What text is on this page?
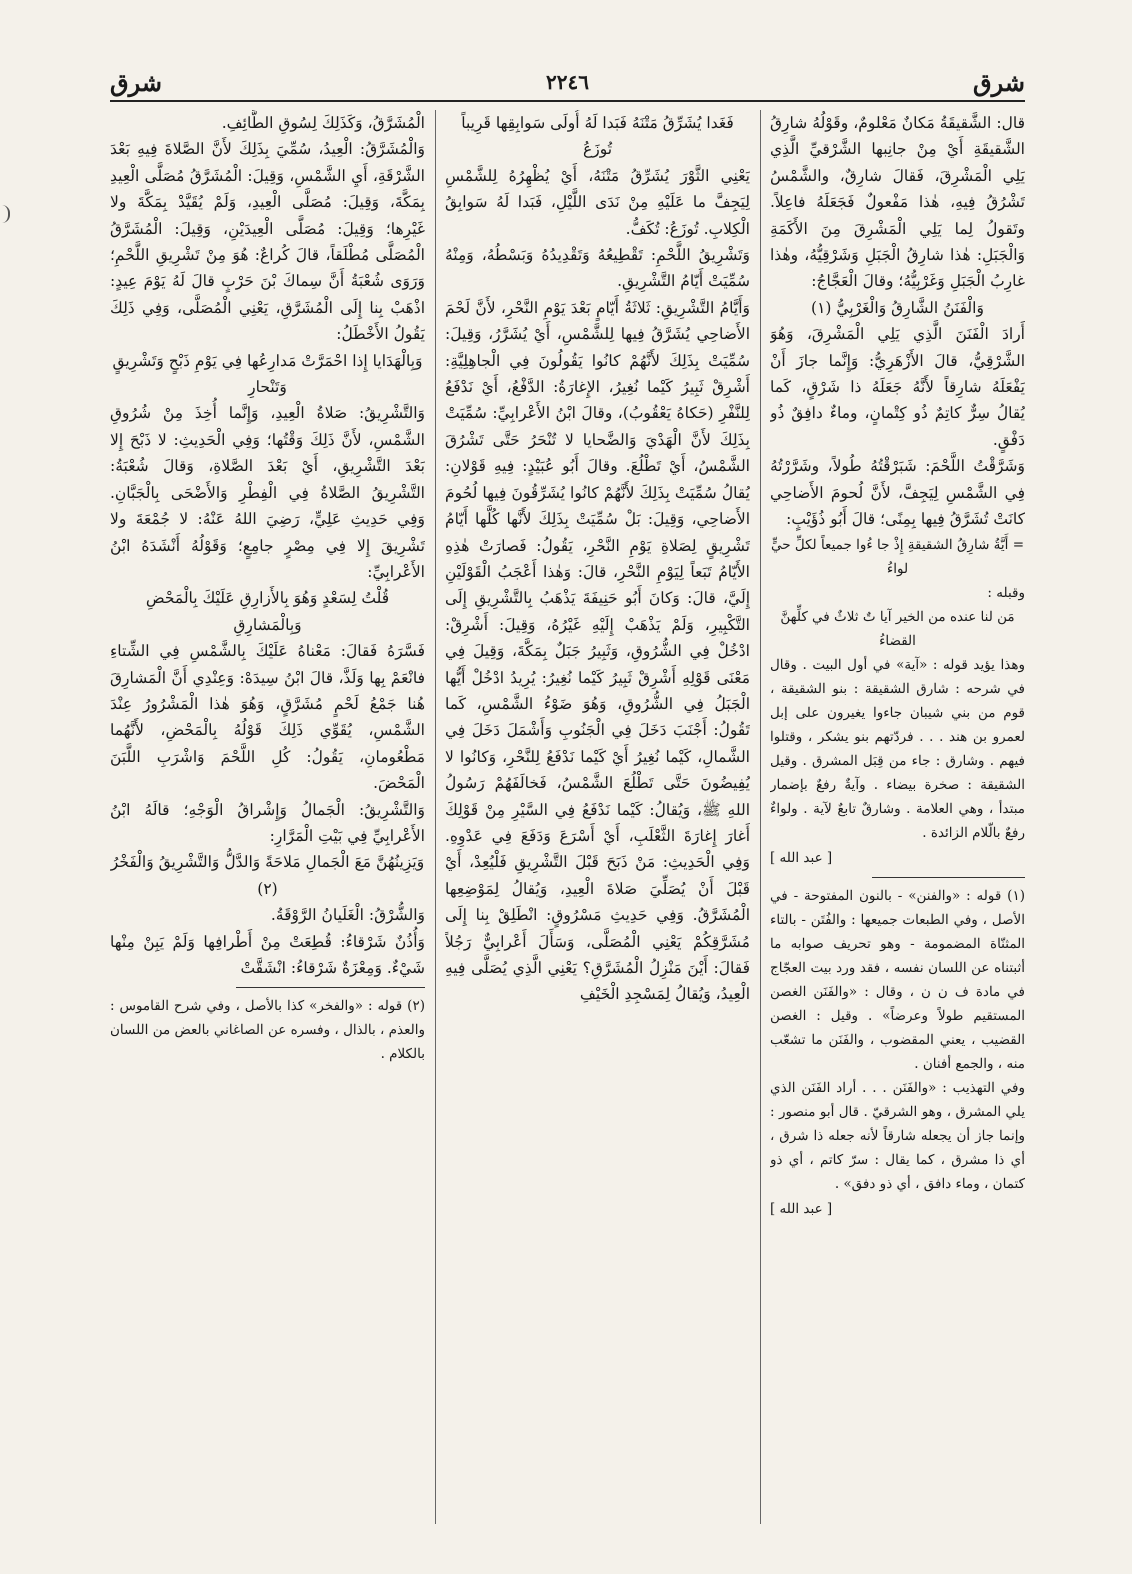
شرق
٢٢٤٦
شرق

قال: الشَّقيقَةُ مَكانٌ مَعْلومٌ، وقَوْلُهُ شارِقُ الشَّقيقَةِ أَيْ مِنْ جانِبها الشَّرْقيِّ الَّذِي يَلِي الْمَشْرِقَ، فَقالَ شارِقٌ، والشَّمْسُ تَشْرُقُ فِيهِ، هٰذا مَفْعولٌ فَجَعَلَهُ فاعِلاً. وتَقولُ لِما يَلِي الْمَشْرِقَ مِنَ الأَكَمَةِ وَالْجَبَلِ: هٰذا شارِقُ الْجَبَلِ وَشَرْقِيُّهُ، وهٰذا غارِبُ الْجَبَلِ وَغَرْبِيُّهُ؛ وقالَ الْعَجَّاجُ:

وَالْفَنَنُ الشَّارِقُ وَالْغَرْبِيُّ (١)

أَرادَ الْفَنَنَ الَّذِي يَلِي الْمَشْرِقَ، وَهُوَ الشَّرْقِيُّ، قالَ الأَزْهَرِيُّ: وَإِنَّما جازَ أَنْ يَفْعَلَهُ شارِقاً لأَنَّهُ جَعَلَهُ ذا شَرْقٍ، كَما يُقالُ سِرٌّ كاتِمٌ ذُو كِتْمانٍ، وماءٌ دافِقٌ ذُو دَفْقٍ.

وَشَرَّقْتُ اللَّحْمَ: شَبَرْقْتُهُ طُولاً، وشَرَّرْتُهُ فِي الشَّمْسِ لِيَجِفَّ، لأَنَّ لُحومَ الأَضاحِي كانَتْ تُشَرَّقُ فِيها بِمِنًى؛ قالَ أَبُو ذُؤَيْبٍ:

= أَيَّةُ شارِقُ الشقيقةِ إِذْ جا ءُوا جميعاً لكلِّ حيٍّ لواءُ

وقبله :

مَن لنا عنده من الخير آيا تٌ ثلاثٌ في كلِّهنَّ القضاءُ

وهذا يؤيد قوله : «آية» في أول البيت . وقال في شرحه : شارق الشقيقة : بنو الشقيقة ، قوم من بني شيبان جاءوا يغيرون على إبل لعمرو بن هند . . . فردّتهم بنو يشكر ، وقتلوا فيهم . وشارق : جاء من قِبَل المشرق . وقيل الشقيقة : صخرة بيضاء . وآيةٌ رفعٌ بإضمار مبتدأ ، وهي العلامة . وشارقٌ تابعٌ لآية . ولواءٌ رفعٌ بالّلام الزائدة .

[ عبد الله ]

(١) قوله : «والفنن» - بالنون المفتوحة - في الأصل ، وفي الطبعات جميعها : والفُتَن - بالتاء المثنّاة المضمومة - وهو تحريف صوابه ما أثبتناه عن اللسان نفسه ، فقد ورد بيت العجّاج في مادة ف ن ن ، وقال : «والفَنَن الغصن المستقيم طولاً وعرضاً» . وقيل : الغصن القضيب ، يعني المقضوب ، والفَنَن ما تشعّب منه ، والجمع أفنان .

وفي التهذيب : «والفَنَن . . . أراد الفَنَن الذي يلي المشرق ، وهو الشرقيّ . قال أبو منصور : وإنما جاز أن يجعله شارقاً لأنه جعله ذا شرق ، أي ذا مشرق ، كما يقال : سرّ كاتم ، أي ذو كتمان ، وماء دافق ، أي ذو دفق» .

[ عبد الله ]

فَغَدا يُشَرِّقُ مَتْنَهُ فَبَدا لَهُ أُولَى سَوابِقِها قَرِيباً تُوزَعُ

يَعْنِي الثَّوْرَ يُشَرِّقُ مَتْنَهُ، أَيْ يُظْهِرُهُ لِلشَّمْسِ لِيَجِفَّ ما عَلَيْهِ مِنْ نَدَى اللَّيْلِ، فَبَدا لَهُ سَوابِقُ الْكِلابِ. تُوزَعُ: تُكَفُّ.

وَتَشْرِيقُ اللَّحْمِ: تَقْطِيعُهُ وَتَقْدِيدُهُ وَبَسْطُهُ، وَمِنْهُ سُمِّيَتْ أَيّامُ التَّشْرِيقِ.

وَأَيَّامُ التَّشْرِيقِ: ثَلاثَةُ أَيّامٍ بَعْدَ يَوْمِ النَّحْرِ، لأَنَّ لَحْمَ الأَضاحِي يُشَرَّقُ فِيها لِلشَّمْسِ، أَيْ يُشَرَّرُ، وَقِيلَ: سُمِّيَتْ بِذَلِكَ لأَنَّهُمْ كانُوا يَقُولُونَ فِي الْجاهِلِيَّةِ: أَشْرِقْ ثَبِيرُ كَيْما نُغِيرُ، الإِغارَةُ: الدَّفْعُ، أَيْ نَدْفَعُ لِلنَّفْرِ (حَكاهُ يَعْقُوبُ)، وقالَ ابْنُ الأَعْرابِيِّ: سُمِّيَتْ بِذَلِكَ لأَنَّ الْهَدْيَ وَالضَّحايا لا تُنْحَرُ حَتَّى تَشْرُقَ الشَّمْسُ، أَيْ تَطْلُعَ. وقالَ أَبُو عُبَيْدٍ: فِيهِ قَوْلانِ: يُقالُ سُمِّيَتْ بِذَلِكَ لأَنَّهُمْ كانُوا يُشَرِّقُونَ فِيها لُحُومَ الأَضاحِي، وَقِيلَ: بَلْ سُمِّيَتْ بِذَلِكَ لأَنَّها كُلَّها أَيّامُ تَشْرِيقٍ لِصَلاةِ يَوْمِ النَّحْرِ، يَقُولُ: فَصارَتْ هٰذِهِ الأَيّامُ تَبَعاً لِيَوْمِ النَّحْرِ، قالَ: وَهٰذا أَعْجَبُ الْقَوْلَيْنِ إِلَيَّ، قالَ: وَكانَ أَبُو حَنِيفَةَ يَذْهَبُ بِالتَّشْرِيقِ إِلَى التَّكْبِيرِ، وَلَمْ يَذْهَبْ إِلَيْهِ غَيْرُهُ، وَقِيلَ: أَشْرِقْ: ادْخُلْ فِي الشُّرُوقِ، وَثَبِيرُ جَبَلٌ بِمَكَّةَ، وَقِيلَ فِي مَعْنَى قَوْلِهِ أَشْرِقْ ثَبِيرُ كَيْما نُغِيرُ: يُرِيدُ ادْخُلْ أَيُّها الْجَبَلُ فِي الشُّرُوقِ، وَهُوَ ضَوْءُ الشَّمْسِ، كَما تَقُولُ: أَجْنَبَ دَخَلَ فِي الْجَنُوبِ وَأَشْمَلَ دَخَلَ فِي الشَّمالِ، كَيْما نُغِيرُ أَيْ كَيْما نَدْفَعُ لِلنَّحْرِ، وَكانُوا لا يُفِيضُونَ حَتَّى تَطْلُعَ الشَّمْسُ، فَخالَفَهُمْ رَسُولُ اللهِ ﷺ، وَيُقالُ: كَيْما نَدْفَعُ فِي السَّيْرِ مِنْ قَوْلِكَ أَغارَ إِغارَةَ الثَّعْلَبِ، أَيْ أَسْرَعَ وَدَفَعَ فِي عَدْوِهِ. وَفِي الْحَدِيثِ: مَنْ ذَبَحَ قَبْلَ التَّشْرِيقِ فَلْيُعِدْ، أَيْ قَبْلَ أَنْ يُصَلِّيَ صَلاةَ الْعِيدِ، وَيُقالُ لِمَوْضِعِها الْمُشَرَّقُ. وَفِي حَدِيثِ مَسْرُوقٍ: انْطَلِقْ بِنا إِلَى مُشَرَّقِكُمْ يَعْنِي الْمُصَلَّى، وَسَأَلَ أَعْرابِيٌّ رَجُلاً فَقالَ: أَيْنَ مَنْزِلُ الْمُشَرَّقِ؟ يَعْنِي الَّذِي يُصَلَّى فِيهِ الْعِيدُ، وَيُقالُ لِمَسْجِدِ الْخَيْفِ

الْمُشَرَّقُ، وَكَذَلِكَ لِسُوقِ الطَّائِفِ.

وَالْمُشَرَّقُ: الْعِيدُ، سُمِّيَ بِذَلِكَ لأَنَّ الصَّلاةَ فِيهِ بَعْدَ الشَّرْقَةِ، أَيِ الشَّمْسِ، وَقِيلَ: الْمُشَرَّقُ مُصَلَّى الْعِيدِ بِمَكَّةَ، وَقِيلَ: مُصَلَّى الْعِيدِ، وَلَمْ يُقَيَّدْ بِمَكَّةَ ولا غَيْرِها؛ وَقِيلَ: مُصَلَّى الْعِيدَيْنِ، وَقِيلَ: الْمُشَرَّقُ الْمُصَلَّى مُطْلَقاً، قالَ كُراعٌ: هُوَ مِنْ تَشْرِيقِ اللَّحْمِ؛ وَرَوَى شُعْبَةُ أَنَّ سِماكَ بْنَ حَرْبٍ قالَ لَهُ يَوْمَ عِيدٍ: اذْهَبْ بِنا إِلَى الْمُشَرَّقِ، يَعْنِي الْمُصَلَّى، وَفِي ذَلِكَ يَقُولُ الأَخْطَلُ:

وَبِالْهَدَايا إِذا احْمَرَّتْ مَدارِعُها فِي يَوْمِ ذَبْحٍ وَتَشْرِيقٍ وَتَنْحارِ

وَالتَّشْرِيقُ: صَلاةُ الْعِيدِ، وَإِنَّما أُخِذَ مِنْ شُرُوقِ الشَّمْسِ، لأَنَّ ذَلِكَ وَقْتُها؛ وَفِي الْحَدِيثِ: لا ذَبْحَ إِلا بَعْدَ التَّشْرِيقِ، أَيْ بَعْدَ الصَّلاةِ، وَقالَ شُعْبَةُ: التَّشْرِيقُ الصَّلاةُ فِي الْفِطْرِ وَالأَضْحَى بِالْجَبَّانِ. وَفِي حَدِيثِ عَلِيٍّ، رَضِيَ اللهُ عَنْهُ: لا جُمْعَةَ ولا تَشْرِيقَ إِلا فِي مِصْرٍ جامِعٍ؛ وَقَوْلُهُ أَنْشَدَهُ ابْنُ الأَعْرابِيِّ:

قُلْتُ لِسَعْدٍ وَهُوَ بِالأَزارِقِ عَلَيْكَ بِالْمَحْضِ وَبِالْمَشارِقِ

فَسَّرَهُ فَقالَ: مَعْناهُ عَلَيْكَ بِالشَّمْسِ فِي الشِّتاءِ فانْعَمْ بِها وَلَذَّ، قالَ ابْنُ سِيدَهْ: وَعِنْدِي أَنَّ الْمَشارِقَ هُنا جَمْعُ لَحْمٍ مُشَرَّقٍ، وَهُوَ هٰذا الْمَشْرُورُ عِنْدَ الشَّمْسِ، يُقَوِّي ذَلِكَ قَوْلُهُ بِالْمَحْضِ، لأَنَّهُما مَطْعُومانِ، يَقُولُ: كُلِ اللَّحْمَ وَاشْرَبِ اللَّبَنَ الْمَحْضَ.

وَالتَّشْرِيقُ: الْجَمالُ وَإِشْراقُ الْوَجْهِ؛ قالَهُ ابْنُ الأَعْرابِيِّ فِي بَيْتِ الْمَرَّارِ:

وَيَزِينُهُنَّ مَعَ الْجَمالِ مَلاحَةً وَالدَّلُّ وَالتَّشْرِيقُ وَالْفَخْرُ (٢)

وَالشُّرْقُ: الْغَلَيانُ الرَّوْقَةُ.

وَأُذُنٌ شَرْقاءُ: قُطِعَتْ مِنْ أَطْرافِها وَلَمْ يَبِنْ مِنْها شَيْءٌ. وَمِعْزَةٌ شَرْقاءُ: انْشَقَّتْ

(٢) قوله : «والفخر» كذا بالأصل ، وفي شرح القاموس : والعذم ، بالذال ، وفسره عن الصاغاني بالعض من اللسان بالكلام .
